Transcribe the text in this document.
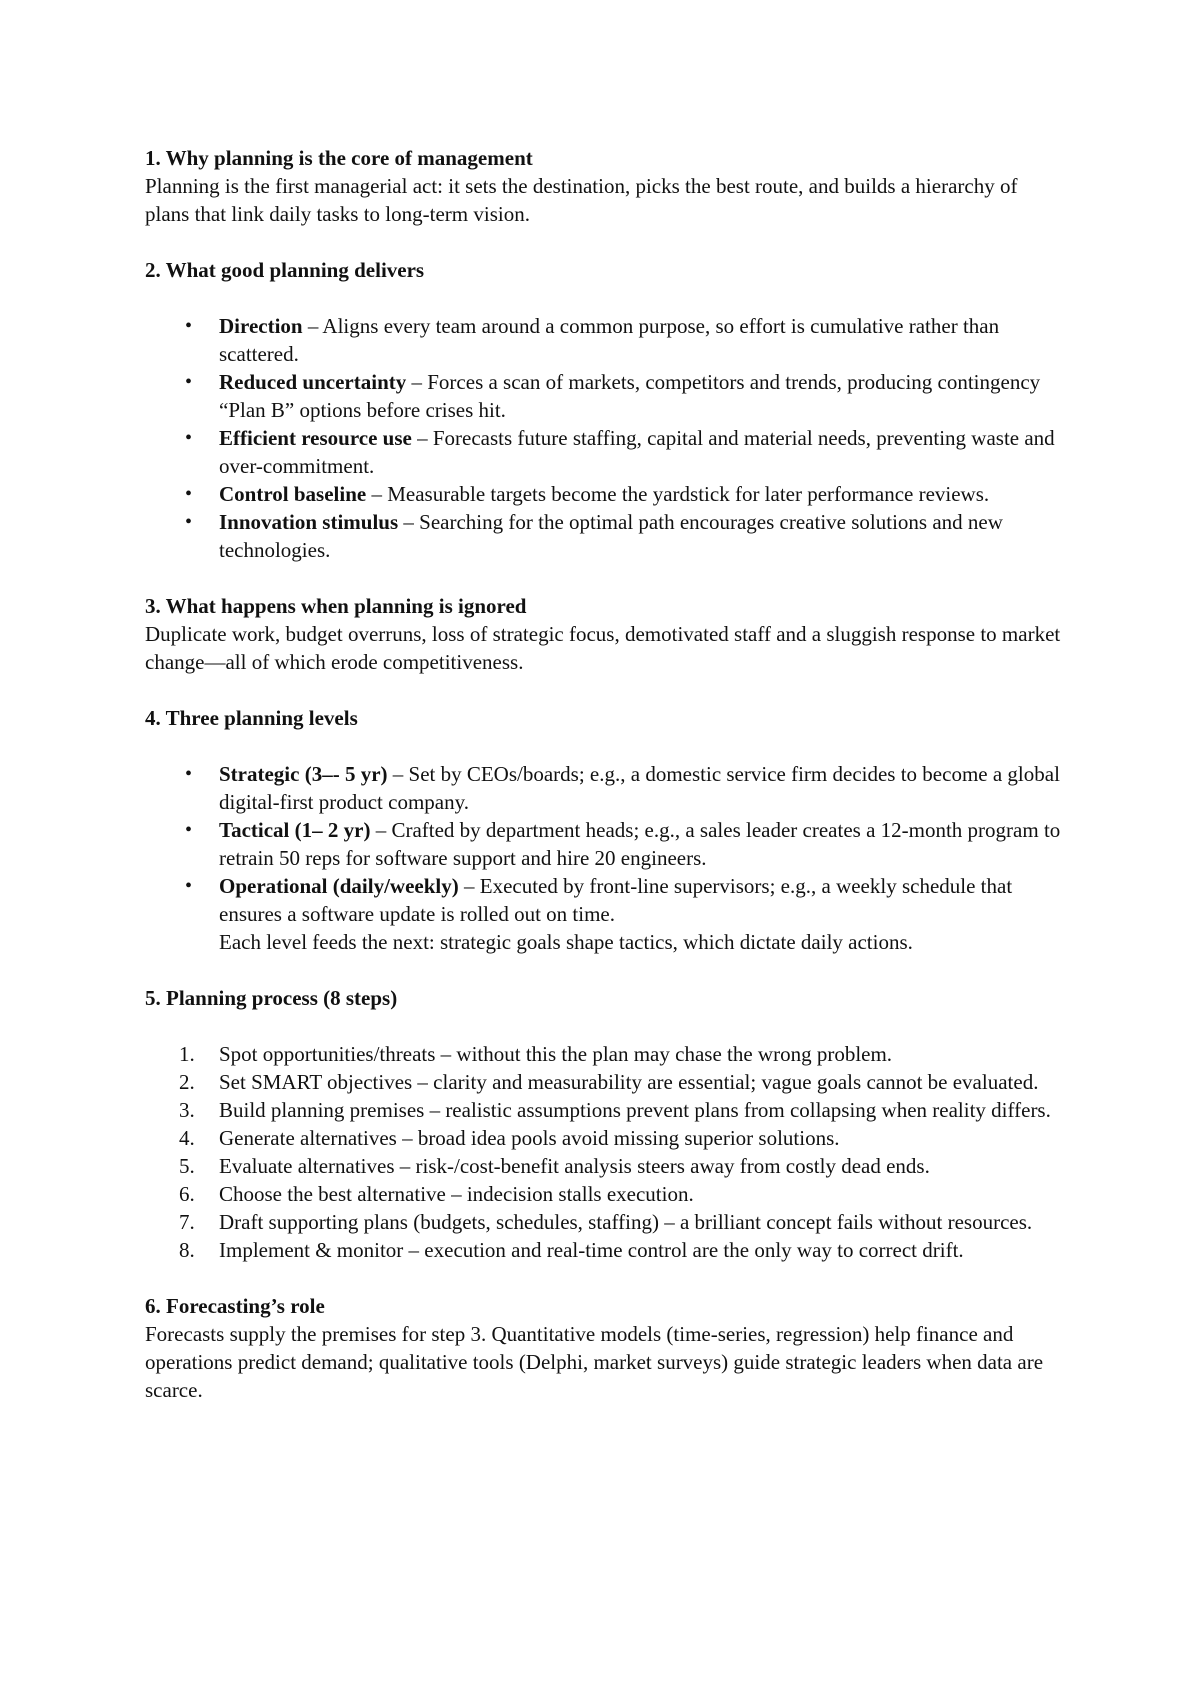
1. Why planning is the core of management

Planning is the first managerial act: it sets the destination, picks the best route, and builds a hierarchy of plans that link daily tasks to long-term vision.

2. What good planning delivers

• Direction – Aligns every team around a common purpose, so effort is cumulative rather than scattered.
• Reduced uncertainty – Forces a scan of markets, competitors and trends, producing contingency “Plan B” options before crises hit.
• Efficient resource use – Forecasts future staffing, capital and material needs, preventing waste and over-commitment.
• Control baseline – Measurable targets become the yardstick for later performance reviews.
• Innovation stimulus – Searching for the optimal path encourages creative solutions and new technologies.

3. What happens when planning is ignored

Duplicate work, budget overruns, loss of strategic focus, demotivated staff and a sluggish response to market change—all of which erode competitiveness.

4. Three planning levels

• Strategic (3–- 5 yr) – Set by CEOs/boards; e.g., a domestic service firm decides to become a global digital-first product company.
• Tactical (1– 2 yr) – Crafted by department heads; e.g., a sales leader creates a 12-month program to retrain 50 reps for software support and hire 20 engineers.
• Operational (daily/weekly) – Executed by front-line supervisors; e.g., a weekly schedule that ensures a software update is rolled out on time.
Each level feeds the next: strategic goals shape tactics, which dictate daily actions.

5. Planning process (8 steps)

1.	Spot opportunities/threats – without this the plan may chase the wrong problem.
2.	Set SMART objectives – clarity and measurability are essential; vague goals cannot be evaluated.
3.	Build planning premises – realistic assumptions prevent plans from collapsing when reality differs.
4.	Generate alternatives – broad idea pools avoid missing superior solutions.
5.	Evaluate alternatives – risk-/cost-benefit analysis steers away from costly dead ends.
6.	Choose the best alternative – indecision stalls execution.
7.	Draft supporting plans (budgets, schedules, staffing) – a brilliant concept fails without resources.
8.	Implement & monitor – execution and real-time control are the only way to correct drift.

6. Forecasting’s role

Forecasts supply the premises for step 3. Quantitative models (time-series, regression) help finance and operations predict demand; qualitative tools (Delphi, market surveys) guide strategic leaders when data are scarce.
